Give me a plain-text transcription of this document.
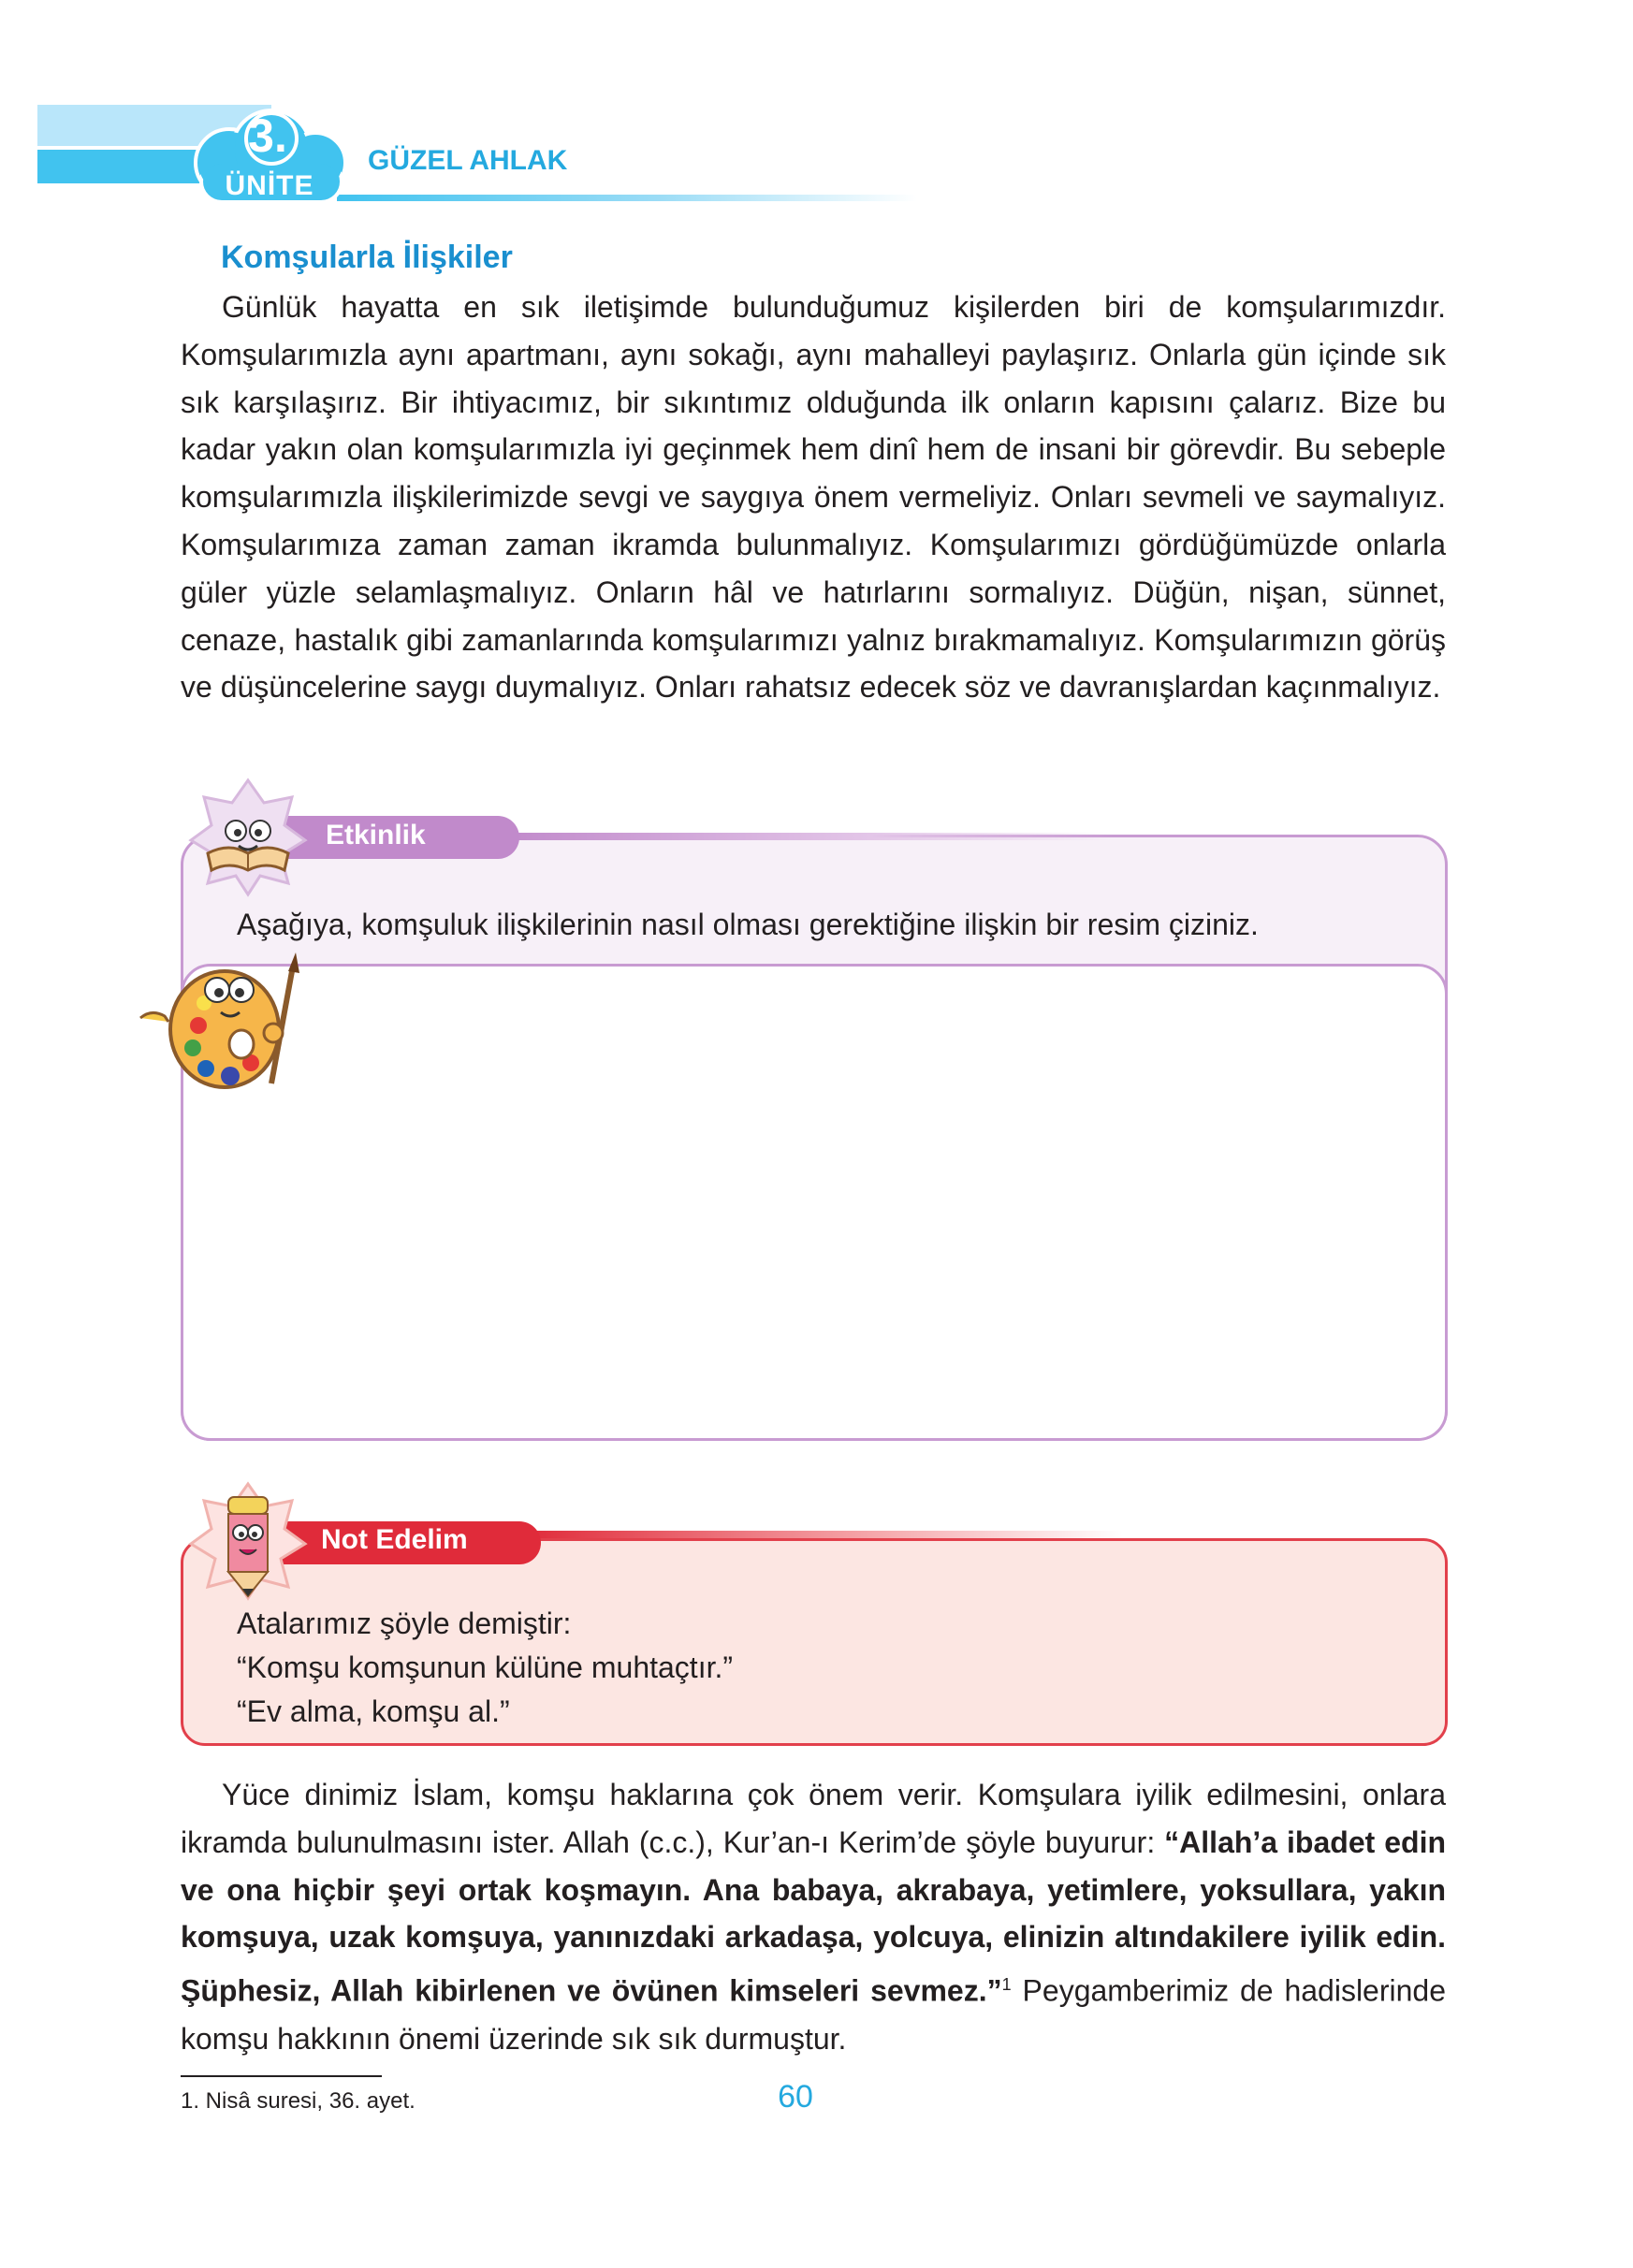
3.
ÜNİTE
GÜZEL AHLAK
Komşularla İlişkiler

Günlük hayatta en sık iletişimde bulunduğumuz kişilerden biri de komşularımızdır. Komşularımızla aynı apartmanı, aynı sokağı, aynı mahalleyi paylaşırız. Onlarla gün içinde sık sık karşılaşırız. Bir ihtiyacımız, bir sıkıntımız olduğunda ilk onların kapısını çalarız. Bize bu kadar yakın olan komşularımızla iyi geçinmek hem dinî hem de insani bir görevdir. Bu sebeple komşularımızla ilişkilerimizde sevgi ve saygıya önem vermeliyiz. Onları sevmeli ve saymalıyız. Komşularımıza zaman zaman ikramda bulunmalıyız. Komşularımızı gördüğümüzde onlarla güler yüzle selamlaşmalıyız. Onların hâl ve hatırlarını sormalıyız. Düğün, nişan, sünnet, cenaze, hastalık gibi zamanlarında komşularımızı yalnız bırakmamalıyız. Komşularımızın görüş ve düşüncelerine saygı duymalıyız. Onları rahatsız edecek söz ve davranışlardan kaçınmalıyız.

Etkinlik
Aşağıya, komşuluk ilişkilerinin nasıl olması gerektiğine ilişkin bir resim çiziniz.
Not Edelim
Atalarımız şöyle demiştir:
“Komşu komşunun külüne muhtaçtır.”
“Ev alma, komşu al.”

Yüce dinimiz İslam, komşu haklarına çok önem verir. Komşulara iyilik edilmesini, onlara ikramda bulunulmasını ister. Allah (c.c.), Kur’an-ı Kerim’de şöyle buyurur: “Allah’a ibadet edin ve ona hiçbir şeyi ortak koşmayın. Ana babaya, akrabaya, yetimlere, yoksullara, yakın komşuya, uzak komşuya, yanınızdaki arkadaşa, yolcuya, elinizin altındakilere iyilik edin. Şüphesiz, Allah kibirlenen ve övünen kimseleri sevmez.”$^1$ Peygamberimiz de hadislerinde komşu hakkının önemi üzerinde sık sık durmuştur.

1. Nisâ suresi, 36. ayet.	60
